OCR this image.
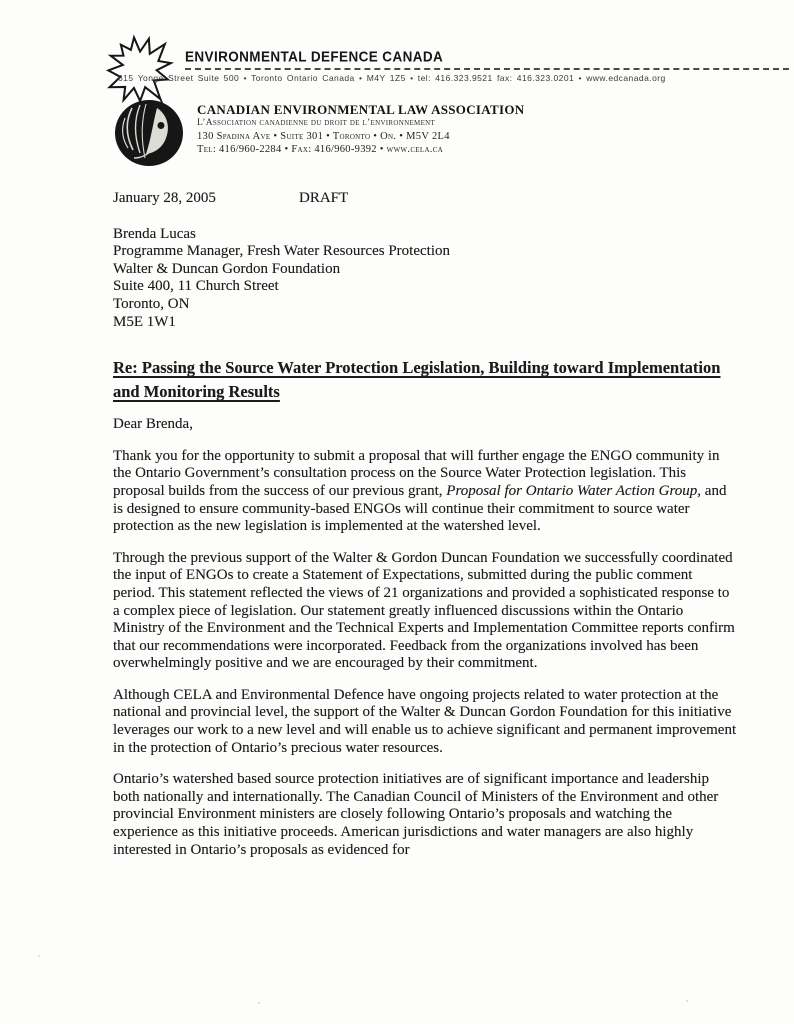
ENVIRONMENTAL DEFENCE CANADA
615 Yonge Street Suite 500 • Toronto Ontario Canada • M4Y 1Z5 • tel: 416.323.9521 fax: 416.323.0201 • www.edcanada.org
CANADIAN ENVIRONMENTAL LAW ASSOCIATION
L’Association canadienne du droit de l’environnement
130 Spadina Ave • Suite 301 • Toronto • On. • M5V 2L4
Tel: 416/960-2284 • Fax: 416/960-9392 • www.cela.ca
January 28, 2005	DRAFT

Brenda Lucas

Programme Manager, Fresh Water Resources Protection

Walter & Duncan Gordon Foundation

Suite 400, 11 Church Street

Toronto, ON

M5E 1W1

Re: Passing the Source Water Protection Legislation, Building toward Implementation and Monitoring Results

Dear Brenda,

Thank you for the opportunity to submit a proposal that will further engage the ENGO community in the Ontario Government’s consultation process on the Source Water Protection legislation. This proposal builds from the success of our previous grant, Proposal for Ontario Water Action Group, and is designed to ensure community-based ENGOs will continue their commitment to source water protection as the new legislation is implemented at the watershed level.

Through the previous support of the Walter & Gordon Duncan Foundation we successfully coordinated the input of ENGOs to create a Statement of Expectations, submitted during the public comment period. This statement reflected the views of 21 organizations and provided a sophisticated response to a complex piece of legislation. Our statement greatly influenced discussions within the Ontario Ministry of the Environment and the Technical Experts and Implementation Committee reports confirm that our recommendations were incorporated. Feedback from the organizations involved has been overwhelmingly positive and we are encouraged by their commitment.

Although CELA and Environmental Defence have ongoing projects related to water protection at the national and provincial level, the support of the Walter & Duncan Gordon Foundation for this initiative leverages our work to a new level and will enable us to achieve significant and permanent improvement in the protection of Ontario’s precious water resources.

Ontario’s watershed based source protection initiatives are of significant importance and leadership both nationally and internationally. The Canadian Council of Ministers of the Environment and other provincial Environment ministers are closely following Ontario’s proposals and watching the experience as this initiative proceeds. American jurisdictions and water managers are also highly interested in Ontario’s proposals as evidenced for
